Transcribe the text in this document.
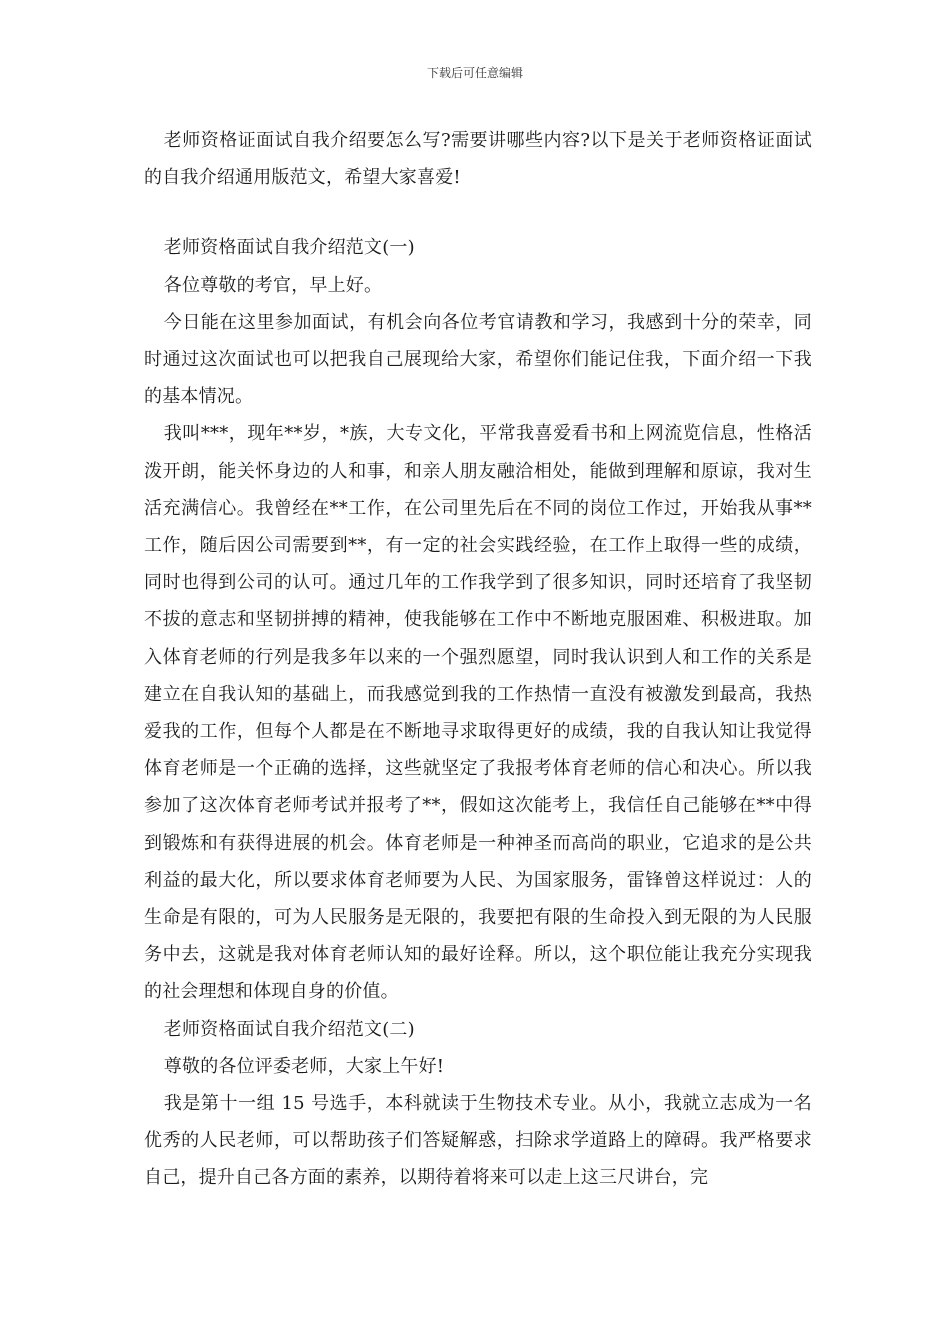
下载后可任意编辑

老师资格证面试自我介绍要怎么写?需要讲哪些内容?以下是关于老师资格证面试的自我介绍通用版范文，希望大家喜爱!

老师资格面试自我介绍范文(一)

各位尊敬的考官，早上好。

今日能在这里参加面试，有机会向各位考官请教和学习，我感到十分的荣幸，同时通过这次面试也可以把我自己展现给大家，希望你们能记住我，下面介绍一下我的基本情况。

我叫***，现年**岁，*族，大专文化，平常我喜爱看书和上网流览信息，性格活泼开朗，能关怀身边的人和事，和亲人朋友融洽相处，能做到理解和原谅，我对生活充满信心。我曾经在**工作，在公司里先后在不同的岗位工作过，开始我从事**工作，随后因公司需要到**，有一定的社会实践经验，在工作上取得一些的成绩，同时也得到公司的认可。通过几年的工作我学到了很多知识，同时还培育了我坚韧不拔的意志和坚韧拼搏的精神，使我能够在工作中不断地克服困难、积极进取。加入体育老师的行列是我多年以来的一个强烈愿望，同时我认识到人和工作的关系是建立在自我认知的基础上，而我感觉到我的工作热情一直没有被激发到最高，我热爱我的工作，但每个人都是在不断地寻求取得更好的成绩，我的自我认知让我觉得体育老师是一个正确的选择，这些就坚定了我报考体育老师的信心和决心。所以我参加了这次体育老师考试并报考了**，假如这次能考上，我信任自己能够在**中得到锻炼和有获得进展的机会。体育老师是一种神圣而高尚的职业，它追求的是公共利益的最大化，所以要求体育老师要为人民、为国家服务，雷锋曾这样说过：人的生命是有限的，可为人民服务是无限的，我要把有限的生命投入到无限的为人民服务中去，这就是我对体育老师认知的最好诠释。所以，这个职位能让我充分实现我的社会理想和体现自身的价值。

老师资格面试自我介绍范文(二)

尊敬的各位评委老师，大家上午好!

我是第十一组 15 号选手，本科就读于生物技术专业。从小，我就立志成为一名优秀的人民老师，可以帮助孩子们答疑解惑，扫除求学道路上的障碍。我严格要求自己，提升自己各方面的素养，以期待着将来可以走上这三尺讲台，完
